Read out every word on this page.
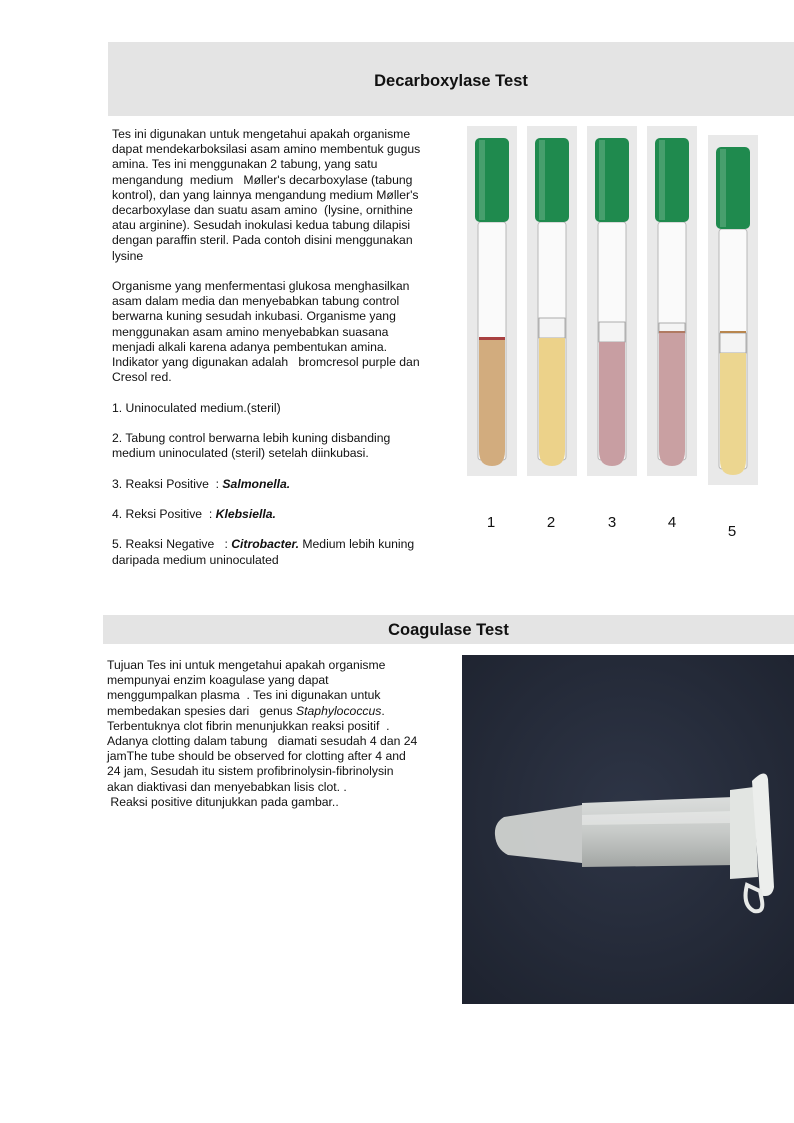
Decarboxylase Test
Tes ini digunakan untuk mengetahui apakah organisme
dapat mendekarboksilasi asam amino membentuk gugus
amina. Tes ini menggunakan 2 tabung, yang satu
mengandung  medium   Møller's decarboxylase (tabung
kontrol), dan yang lainnya mengandung medium Møller's
decarboxylase dan suatu asam amino  (lysine, ornithine
atau arginine). Sesudah inokulasi kedua tabung dilapisi
dengan paraffin steril. Pada contoh disini menggunakan
lysine
Organisme yang menfermentasi glukosa menghasilkan
asam dalam media dan menyebabkan tabung control
berwarna kuning sesudah inkubasi. Organisme yang
menggunakan asam amino menyebabkan suasana
menjadi alkali karena adanya pembentukan amina.
Indikator yang digunakan adalah   bromcresol purple dan
Cresol red.
1. Uninoculated medium.(steril)
2. Tabung control berwarna lebih kuning disbanding
medium uninoculated (steril) setelah diinkubasi.
3. Reaksi Positive  : Salmonella.
4. Reksi Positive  : Klebsiella.
5. Reaksi Negative   : Citrobacter. Medium lebih kuning
daripada medium uninoculated
1	2	3	4
5
Coagulase Test
Tujuan Tes ini untuk mengetahui apakah organisme
mempunyai enzim koagulase yang dapat
menggumpalkan plasma  . Tes ini digunakan untuk
membedakan spesies dari   genus Staphylococcus.
Terbentuknya clot fibrin menunjukkan reaksi positif  .
Adanya clotting dalam tabung   diamati sesudah 4 dan 24
jamThe tube should be observed for clotting after 4 and
24 jam, Sesudah itu sistem profibrinolysin-fibrinolysin
akan diaktivasi dan menyebabkan lisis clot. .
Reaksi positive ditunjukkan pada gambar..
